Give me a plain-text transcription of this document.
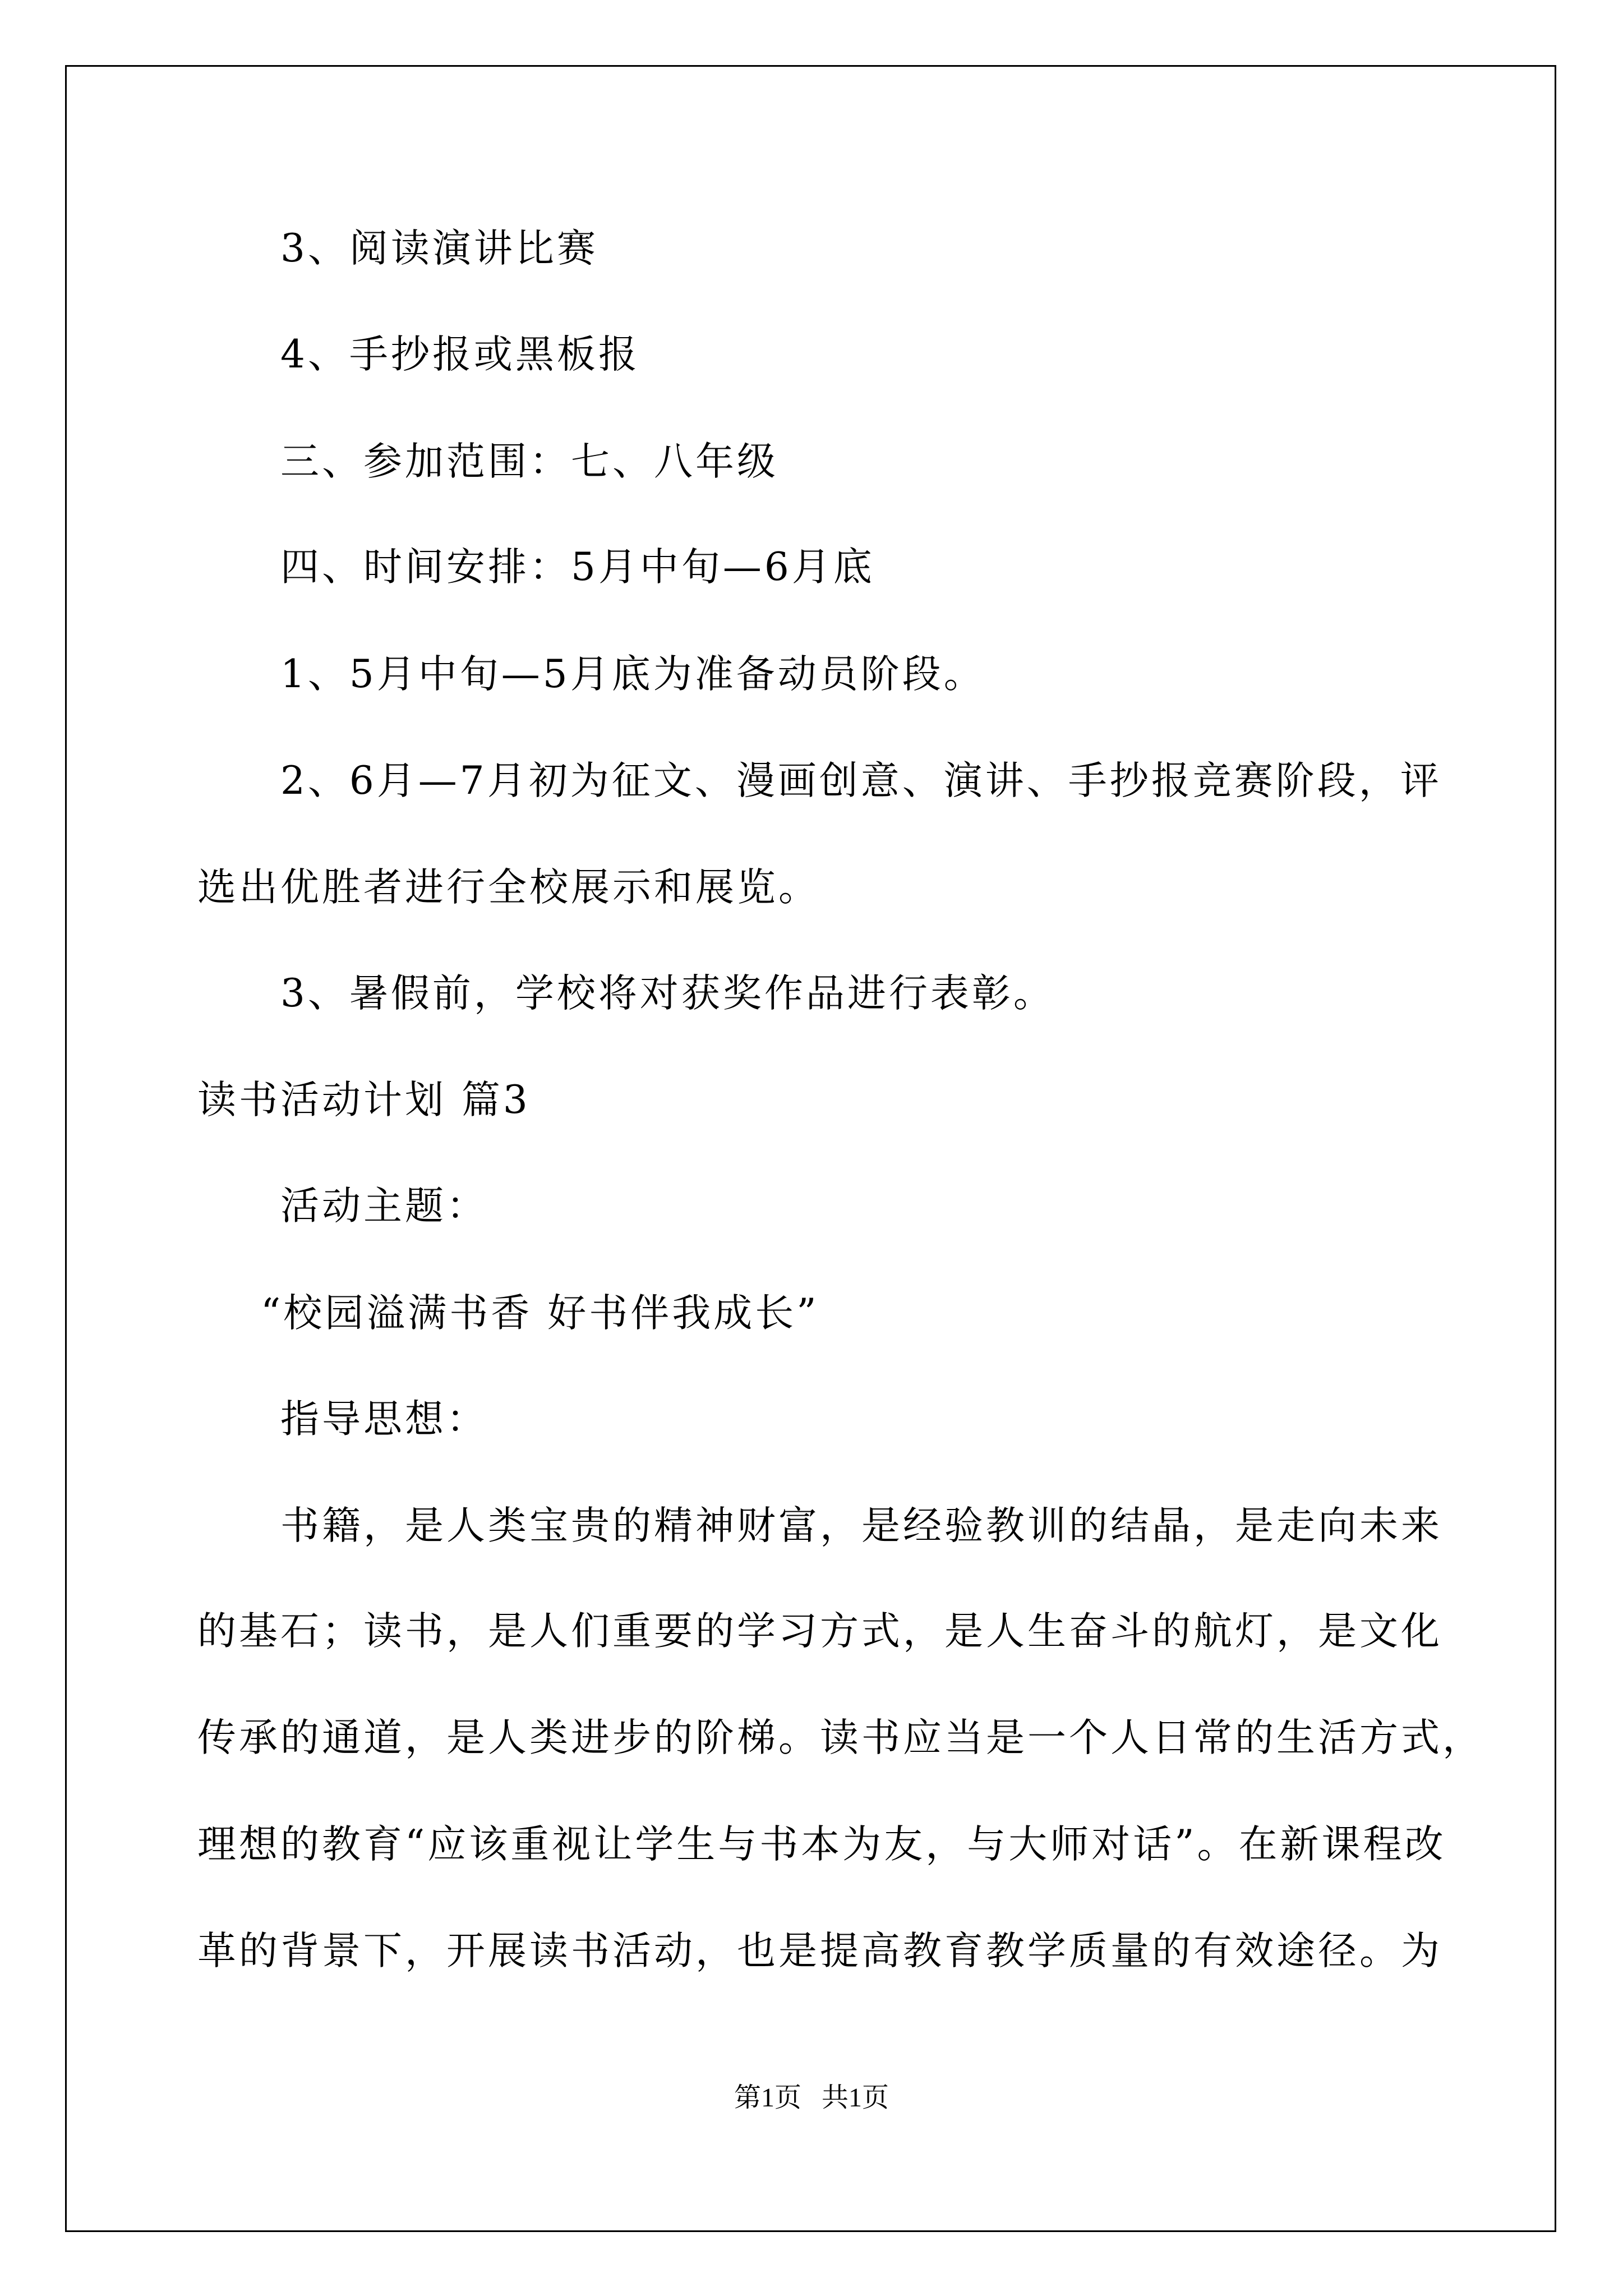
3、阅读演讲比赛
4、手抄报或黑板报
三、参加范围：七、八年级
四、时间安排：5月中旬—6月底
1、5月中旬—5月底为准备动员阶段。
2、6月—7月初为征文、漫画创意、演讲、手抄报竞赛阶段，评
选出优胜者进行全校展示和展览。
3、暑假前，学校将对获奖作品进行表彰。
读书活动计划 篇3
活动主题：
“校园溢满书香 好书伴我成长”
指导思想：
书籍，是人类宝贵的精神财富，是经验教训的结晶，是走向未来
的基石；读书，是人们重要的学习方式，是人生奋斗的航灯，是文化
传承的通道，是人类进步的阶梯。读书应当是一个人日常的生活方式，
理想的教育“应该重视让学生与书本为友，与大师对话”。在新课程改
革的背景下，开展读书活动，也是提高教育教学质量的有效途径。为
第1页   共1页
